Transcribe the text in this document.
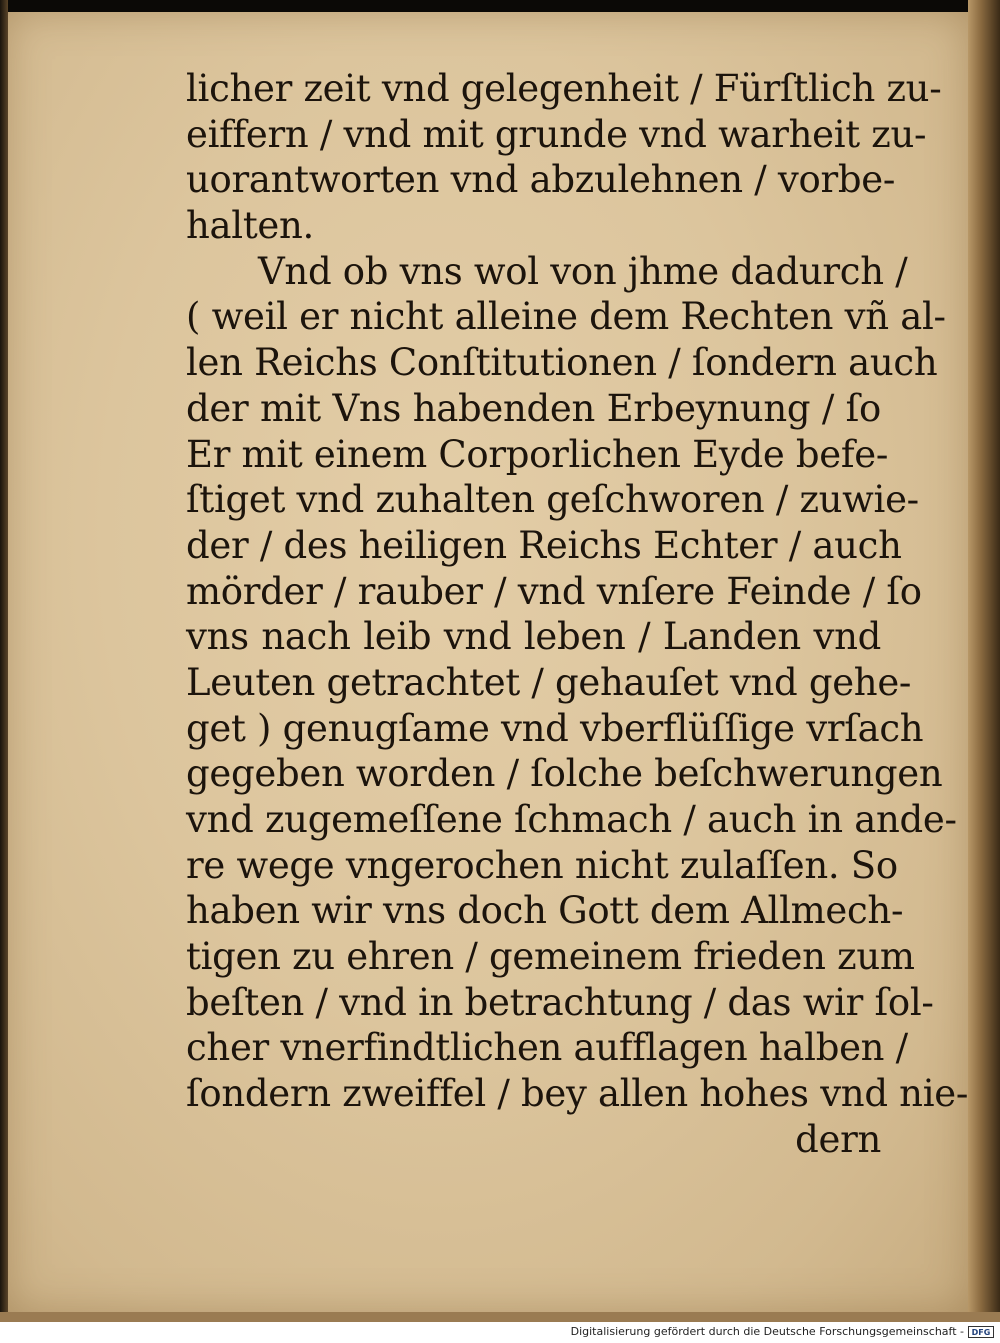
licher zeit vnd gelegenheit / Fürſtlich zu-
eiffern / vnd mit grunde vnd warheit zu-
uorantworten vnd abzulehnen / vorbe-
halten.
Vnd ob vns wol von jhme dadurch /
( weil er nicht alleine dem Rechten vñ al-
len Reichs Conſtitutionen / ſondern auch
der mit Vns habenden Erbeynung / ſo
Er mit einem Corporlichen Eyde befe-
ſtiget vnd zuhalten geſchworen / zuwie-
der / des heiligen Reichs Echter / auch
mörder / rauber / vnd vnſere Feinde / ſo
vns nach leib vnd leben / Landen vnd
Leuten getrachtet / gehauſet vnd gehe-
get ) genugſame vnd vberflüſſige vrſach
gegeben worden / ſolche beſchwerungen
vnd zugemeſſene ſchmach / auch in ande-
re wege vngerochen nicht zulaſſen. So
haben wir vns doch Gott dem Allmech-
tigen zu ehren / gemeinem frieden zum
beſten / vnd in betrachtung / das wir ſol-
cher vnerfindtlichen aufflagen halben /
ſondern zweiffel / bey allen hohes vnd nie-
dern
Digitalisierung gefördert durch die Deutsche Forschungsgemeinschaft - DFG
